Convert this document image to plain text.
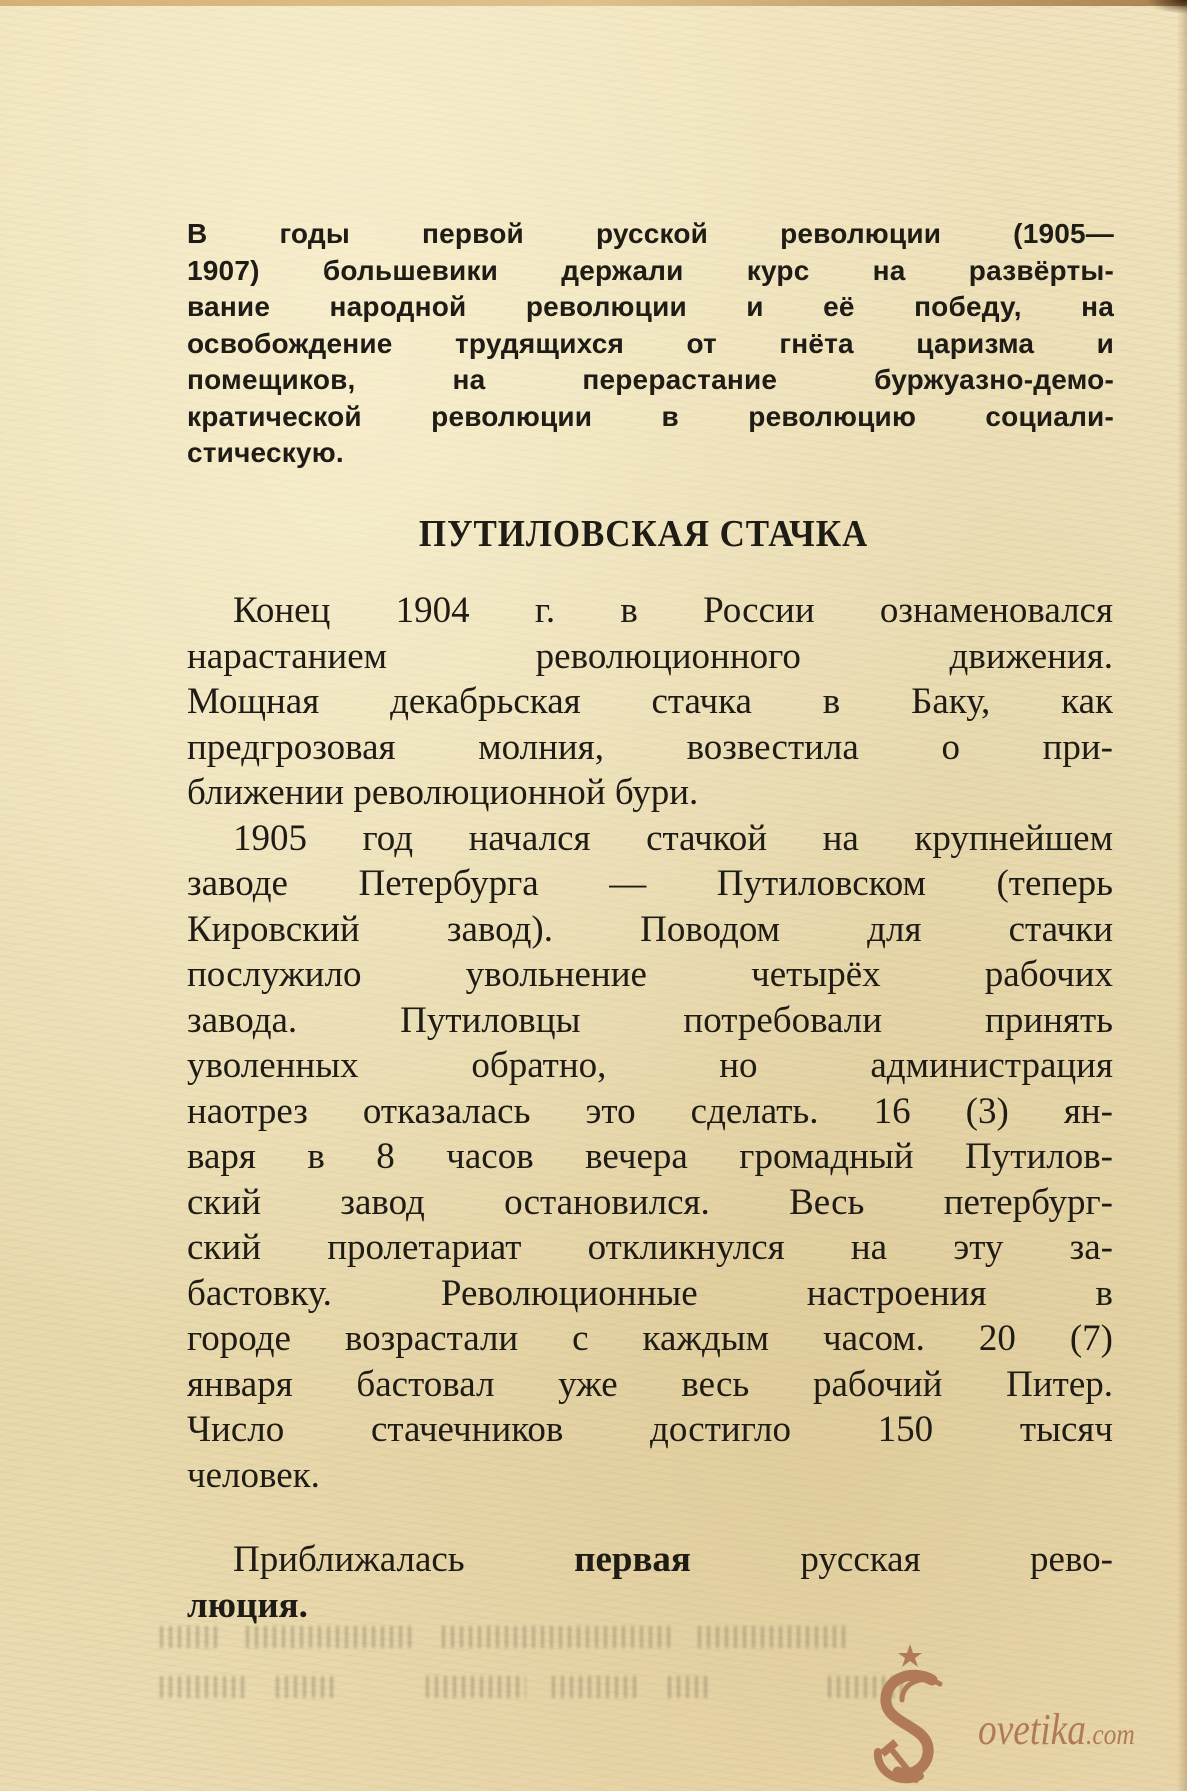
В годы первой русской революции (1905—
1907) большевики держали курс на развёрты-
вание народной революции и её победу, на
освобождение трудящихся от гнёта царизма и
помещиков, на перерастание буржуазно-демо-
кратической революции в революцию социали-
стическую.
ПУТИЛОВСКАЯ СТАЧКА
Конец 1904 г. в России ознаменовался
нарастанием революционного движения.
Мощная декабрьская стачка в Баку, как
предгрозовая молния, возвестила о при-
ближении революционной бури.
1905 год начался стачкой на крупнейшем
заводе Петербурга — Путиловском (теперь
Кировский завод). Поводом для стачки
послужило увольнение четырёх рабочих
завода. Путиловцы потребовали принять
уволенных обратно, но администрация
наотрез отказалась это сделать. 16 (3) ян-
варя в 8 часов вечера громадный Путилов-
ский завод остановился. Весь петербург-
ский пролетариат откликнулся на эту за-
бастовку. Революционные настроения в
городе возрастали с каждым часом. 20 (7)
января бастовал уже весь рабочий Питер.
Число стачечников достигло 150 тысяч
человек.
Приближалась	первая	русская рево-
люция.
ovetika.com
